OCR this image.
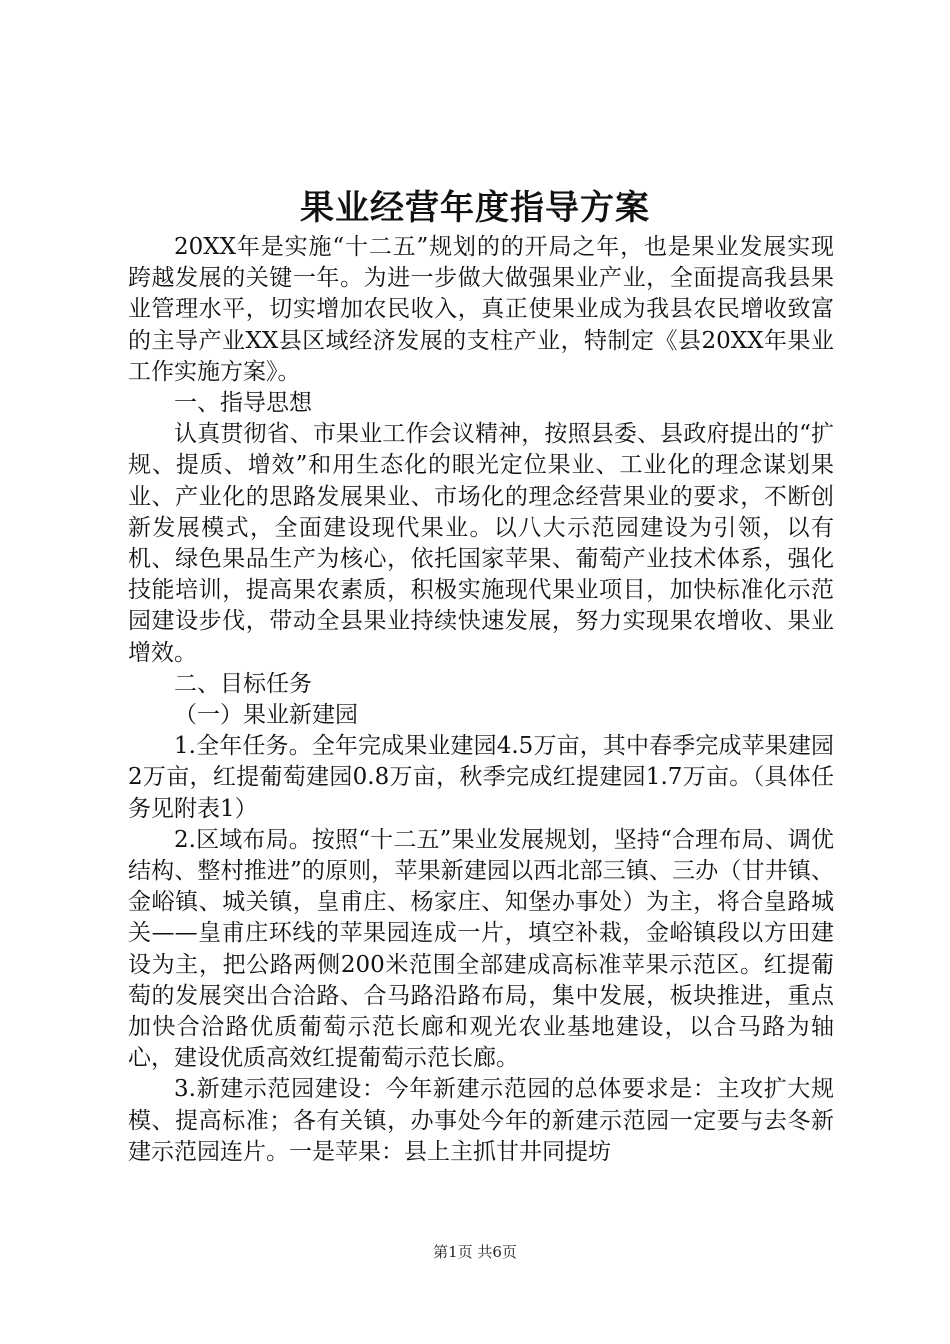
果业经营年度指导方案

20XX年是实施“十二五”规划的的开局之年，也是果业发展实现跨越发展的关键一年。为进一步做大做强果业产业，全面提高我县果业管理水平，切实增加农民收入，真正使果业成为我县农民增收致富的主导产业XX县区域经济发展的支柱产业，特制定《县20XX年果业工作实施方案》。

一、指导思想

认真贯彻省、市果业工作会议精神，按照县委、县政府提出的“扩规、提质、增效”和用生态化的眼光定位果业、工业化的理念谋划果业、产业化的思路发展果业、市场化的理念经营果业的要求，不断创新发展模式，全面建设现代果业。以八大示范园建设为引领，以有机、绿色果品生产为核心，依托国家苹果、葡萄产业技术体系，强化技能培训，提高果农素质，积极实施现代果业项目，加快标准化示范园建设步伐，带动全县果业持续快速发展，努力实现果农增收、果业增效。

二、目标任务

（一）果业新建园

1.全年任务。全年完成果业建园4.5万亩，其中春季完成苹果建园2万亩，红提葡萄建园0.8万亩，秋季完成红提建园1.7万亩。（具体任务见附表1）

2.区域布局。按照“十二五”果业发展规划，坚持“合理布局、调优结构、整村推进”的原则，苹果新建园以西北部三镇、三办（甘井镇、金峪镇、城关镇，皇甫庄、杨家庄、知堡办事处）为主，将合皇路城关——皇甫庄环线的苹果园连成一片，填空补栽，金峪镇段以方田建设为主，把公路两侧200米范围全部建成高标准苹果示范区。红提葡萄的发展突出合洽路、合马路沿路布局，集中发展，板块推进，重点加快合洽路优质葡萄示范长廊和观光农业基地建设，以合马路为轴心，建设优质高效红提葡萄示范长廊。

3.新建示范园建设：今年新建示范园的总体要求是：主攻扩大规模、提高标准；各有关镇，办事处今年的新建示范园一定要与去冬新建示范园连片。一是苹果：县上主抓甘井同提坊

第1页 共6页
